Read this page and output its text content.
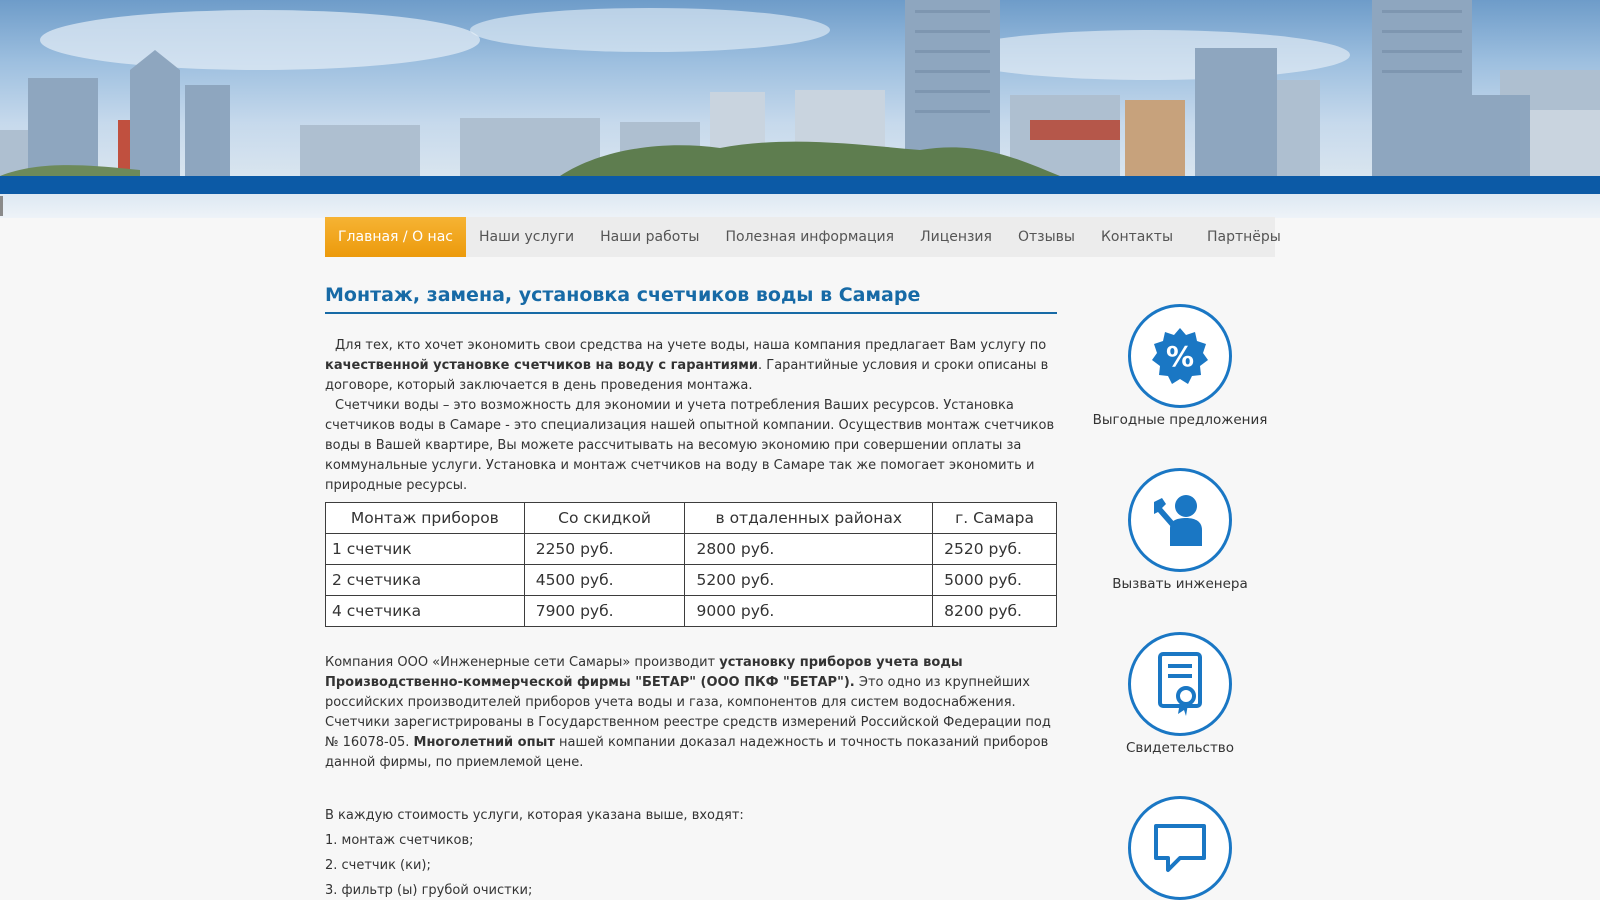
Главная / О нас	Наши услуги	Наши работы	Полезная информация	Лицензия	Отзывы	Контакты	Партнёры
Монтаж, замена, установка счетчиков воды в Самаре

Для тех, кто хочет экономить свои средства на учете воды, наша компания предлагает Вам услугу по качественной установке счетчиков на воду с гарантиями. Гарантийные условия и сроки описаны в договоре, который заключается в день проведения монтажа.

Счетчики воды – это возможность для экономии и учета потребления Ваших ресурсов. Установка счетчиков воды в Самаре - это специализация нашей опытной компании. Осуществив монтаж счетчиков воды в Вашей квартире, Вы можете рассчитывать на весомую экономию при совершении оплаты за коммунальные услуги. Установка и монтаж счетчиков на воду в Самаре так же помогает экономить и природные ресурсы.

Монтаж приборов	Со скидкой	в отдаленных районах	г. Самара
1 счетчик	2250 руб.	2800 руб.	2520 руб.
2 счетчика	4500 руб.	5200 руб.	5000 руб.
4 счетчика	7900 руб.	9000 руб.	8200 руб.

Компания ООО «Инженерные сети Самары» производит установку приборов учета воды Производственно-коммерческой фирмы "БЕТАР" (ООО ПКФ "БЕТАР"). Это одно из крупнейших российских производителей приборов учета воды и газа, компонентов для систем водоснабжения. Счетчики зарегистрированы в Государственном реестре средств измерений Российской Федерации под № 16078-05. Многолетний опыт нашей компании доказал надежность и точность показаний приборов данной фирмы, по приемлемой цене.

В каждую стоимость услуги, которая указана выше, входят:
1. монтаж счетчиков;
2. счетчик (ки);
3. фильтр (ы) грубой очистки;
%
Выгодные предложения
Вызвать инженера
Свидетельство
